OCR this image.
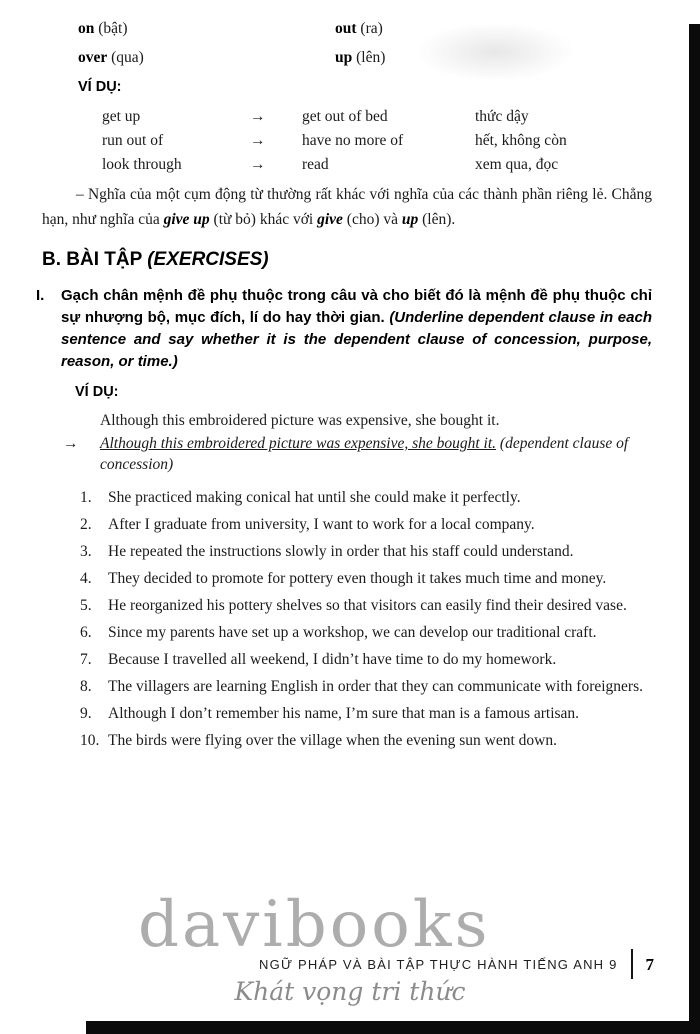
on (bật)	out (ra)
over (qua)	up (lên)
VÍ DỤ:
get up	→	get out of bed	thức dậy
run out of	→	have no more of	hết, không còn
look through	→	read	xem qua, đọc

– Nghĩa của một cụm động từ thường rất khác với nghĩa của các thành phần riêng lẻ. Chẳng hạn, như nghĩa của give up (từ bỏ) khác với give (cho) và up (lên).

B. BÀI TẬP (EXERCISES)
I.	Gạch chân mệnh đề phụ thuộc trong câu và cho biết đó là mệnh đề phụ thuộc chỉ sự nhượng bộ, mục đích, lí do hay thời gian. (Underline dependent clause in each sentence and say whether it is the dependent clause of concession, purpose, reason, or time.)
VÍ DỤ:
Although this embroidered picture was expensive, she bought it.
→	Although this embroidered picture was expensive, she bought it. (dependent clause of concession)
1.	She practiced making conical hat until she could make it perfectly.
2.	After I graduate from university, I want to work for a local company.
3.	He repeated the instructions slowly in order that his staff could understand.
4.	They decided to promote for pottery even though it takes much time and money.
5.	He reorganized his pottery shelves so that visitors can easily find their desired vase.
6.	Since my parents have set up a workshop, we can develop our traditional craft.
7.	Because I travelled all weekend, I didn’t have time to do my homework.
8.	The villagers are learning English in order that they can communicate with foreigners.
9.	Although I don’t remember his name, I’m sure that man is a famous artisan.
10. The birds were flying over the village when the evening sun went down.
davibooks
NGỮ PHÁP VÀ BÀI TẬP THỰC HÀNH TIẾNG ANH 9 7
Khát vọng tri thức
